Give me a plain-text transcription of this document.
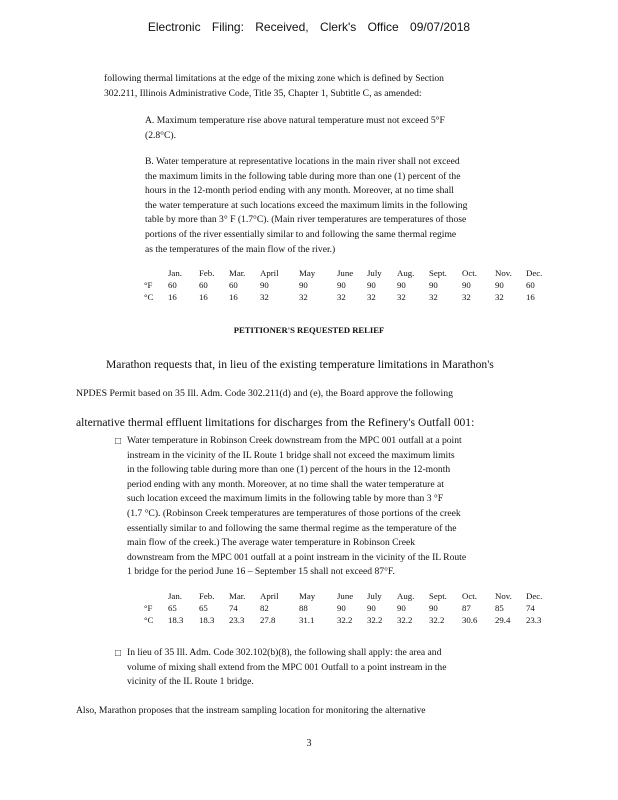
Electronic Filing: Received, Clerk's Office 09/07/2018
following thermal limitations at the edge of the mixing zone which is defined by Section
302.211, Illinois Administrative Code, Title 35, Chapter 1, Subtitle C, as amended:
A. Maximum temperature rise above natural temperature must not exceed 5°F
(2.8°C).
B. Water temperature at representative locations in the main river shall not exceed
the maximum limits in the following table during more than one (1) percent of the
hours in the 12-month period ending with any month. Moreover, at no time shall
the water temperature at such locations exceed the maximum limits in the following
table by more than 3° F (1.7°C). (Main river temperatures are temperatures of those
portions of the river essentially similar to and following the same thermal regime
as the temperatures of the main flow of the river.)
	Jan.	Feb.	Mar.	April	May	June	July	Aug.	Sept.	Oct.	Nov.	Dec.
°F	60	60	60	90	90	90	90	90	90	90	90	60
°C	16	16	16	32	32	32	32	32	32	32	32	16
PETITIONER'S REQUESTED RELIEF
Marathon requests that, in lieu of the existing temperature limitations in Marathon's
NPDES Permit based on 35 Ill. Adm. Code 302.211(d) and (e), the Board approve the following
alternative thermal effluent limitations for discharges from the Refinery's Outfall 001:
□ Water temperature in Robinson Creek downstream from the MPC 001 outfall at a point
instream in the vicinity of the IL Route 1 bridge shall not exceed the maximum limits
in the following table during more than one (1) percent of the hours in the 12-month
period ending with any month. Moreover, at no time shall the water temperature at
such location exceed the maximum limits in the following table by more than 3 °F
(1.7 °C). (Robinson Creek temperatures are temperatures of those portions of the creek
essentially similar to and following the same thermal regime as the temperature of the
main flow of the creek.) The average water temperature in Robinson Creek
downstream from the MPC 001 outfall at a point instream in the vicinity of the IL Route
1 bridge for the period June 16 – September 15 shall not exceed 87°F.
	Jan.	Feb.	Mar.	April	May	June	July	Aug.	Sept.	Oct.	Nov.	Dec.
°F	65	65	74	82	88	90	90	90	90	87	85	74
°C	18.3	18.3	23.3	27.8	31.1	32.2	32.2	32.2	32.2	30.6	29.4	23.3
□ In lieu of 35 Ill. Adm. Code 302.102(b)(8), the following shall apply: the area and
volume of mixing shall extend from the MPC 001 Outfall to a point instream in the
vicinity of the IL Route 1 bridge.
Also, Marathon proposes that the instream sampling location for monitoring the alternative
3
